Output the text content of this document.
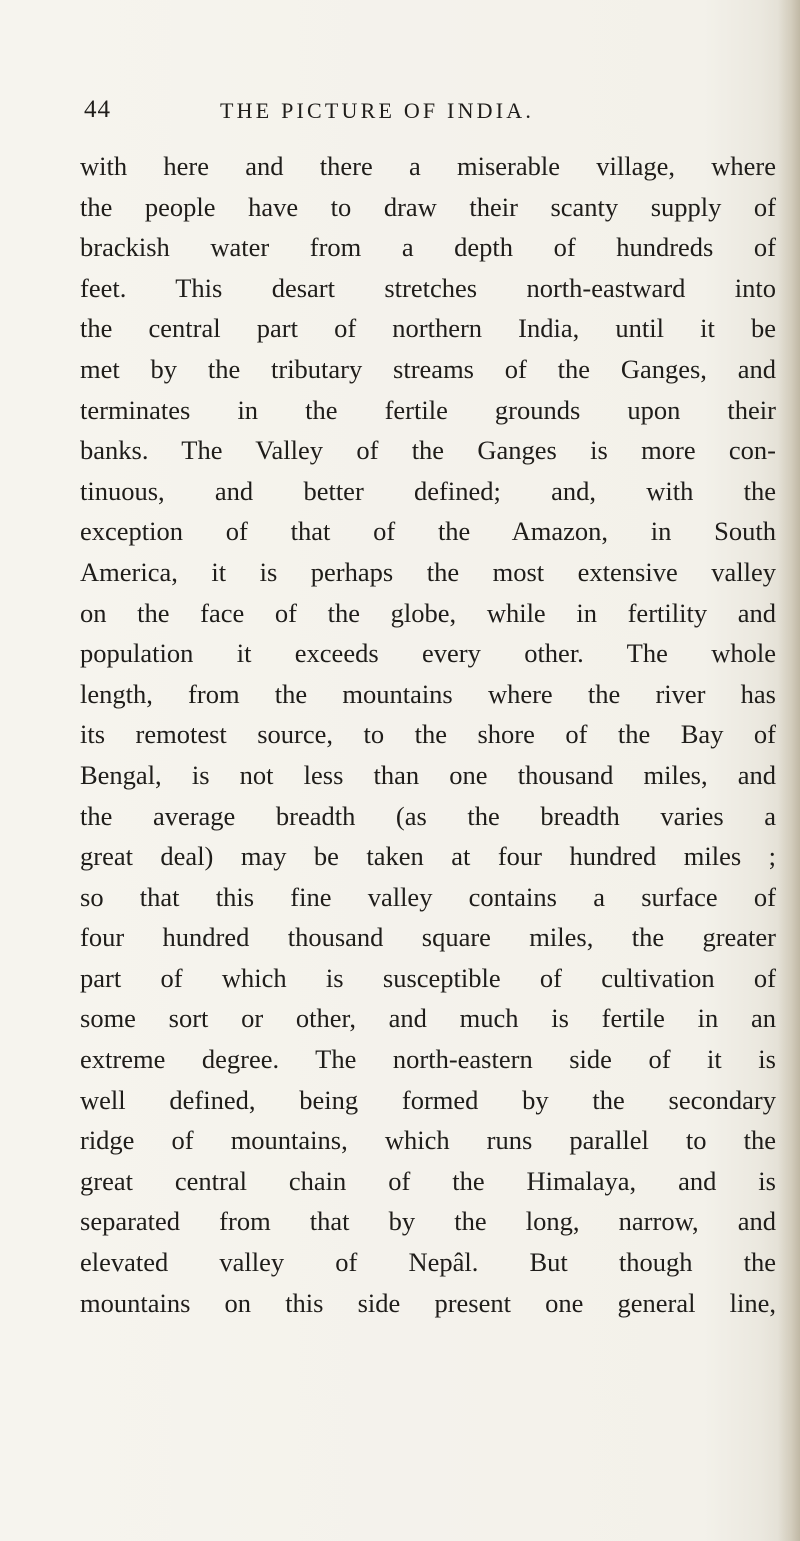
44	THE PICTURE OF INDIA.
with here and there a miserable village, where
the people have to draw their scanty supply of
brackish water from a depth of hundreds of
feet. This desart stretches north-eastward into
the central part of northern India, until it be
met by the tributary streams of the Ganges, and
terminates in the fertile grounds upon their
banks. The Valley of the Ganges is more con-
tinuous, and better defined; and, with the
exception of that of the Amazon, in South
America, it is perhaps the most extensive valley
on the face of the globe, while in fertility and
population it exceeds every other. The whole
length, from the mountains where the river has
its remotest source, to the shore of the Bay of
Bengal, is not less than one thousand miles, and
the average breadth (as the breadth varies a
great deal) may be taken at four hundred miles ;
so that this fine valley contains a surface of
four hundred thousand square miles, the greater
part of which is susceptible of cultivation of
some sort or other, and much is fertile in an
extreme degree. The north-eastern side of it is
well defined, being formed by the secondary
ridge of mountains, which runs parallel to the
great central chain of the Himalaya, and is
separated from that by the long, narrow, and
elevated valley of Nepâl. But though the
mountains on this side present one general line,
